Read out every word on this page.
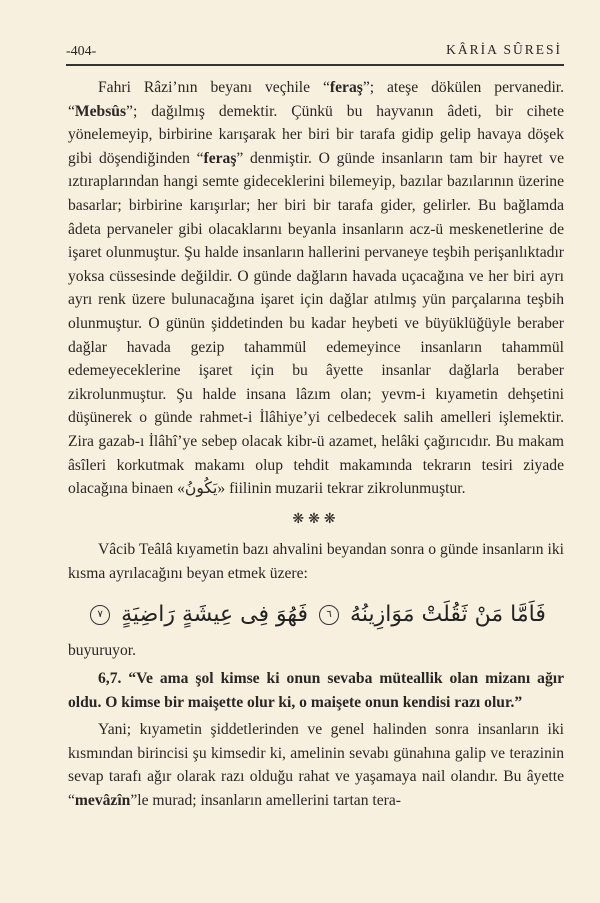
-404-	KÂRİA SÛRESİ

Fahri Râzi’nın beyanı veçhile “feraş”; ateşe dökülen pervanedir. “Mebsûs”; dağılmış demektir. Çünkü bu hayvanın âdeti, bir cihete yönelemeyip, birbirine karışarak her biri bir tarafa gidip gelip havaya döşek gibi döşendiğinden “feraş” denmiştir. O günde insanların tam bir hayret ve ıztıraplarından hangi semte gideceklerini bilemeyip, bazılar bazılarının üzerine basarlar; birbirine karışırlar; her biri bir tarafa gider, gelirler. Bu bağlamda âdeta pervaneler gibi olacaklarını beyanla insanların acz-ü meskenetlerine de işaret olunmuştur. Şu halde insanların hallerini pervaneye teşbih perişanlıktadır yoksa cüssesinde değildir. O günde dağların havada uçacağına ve her biri ayrı ayrı renk üzere bulunacağına işaret için dağlar atılmış yün parçalarına teşbih olunmuştur. O günün şiddetinden bu kadar heybeti ve büyüklüğüyle beraber dağlar havada gezip tahammül edemeyince insanların tahammül edemeyeceklerine işaret için bu âyette insanlar dağlarla beraber zikrolunmuştur. Şu halde insana lâzım olan; yevm-i kıyametin dehşetini düşünerek o günde rahmet-i İlâhiye’yi celbedecek salih amelleri işlemektir. Zira gazab-ı İlâhî’ye sebep olacak kibr-ü azamet, helâki çağırıcıdır. Bu makam âsîleri korkutmak makamı olup tehdit makamında tekrarın tesiri ziyade olacağına binaen «يَكُونُ» fiilinin muzarii tekrar zikrolunmuştur.

❋❋❋

Vâcib Teâlâ kıyametin bazı ahvalini beyandan sonra o günde insanların iki kısma ayrılacağını beyan etmek üzere:

فَاَمَّا مَنْ ثَقُلَتْ مَوَازِينُهُ ٦ فَهُوَ فِى عِيشَةٍ رَاضِيَةٍ ٧

buyuruyor.

6,7. “Ve ama şol kimse ki onun sevaba müteallik olan mizanı ağır oldu. O kimse bir maişette olur ki, o maişete onun kendisi razı olur.”

Yani; kıyametin şiddetlerinden ve genel halinden sonra insanların iki kısmından birincisi şu kimsedir ki, amelinin sevabı günahına galip ve terazinin sevap tarafı ağır olarak razı olduğu rahat ve yaşamaya nail olandır. Bu âyette “mevâzîn”le murad; insanların amellerini tartan tera-
